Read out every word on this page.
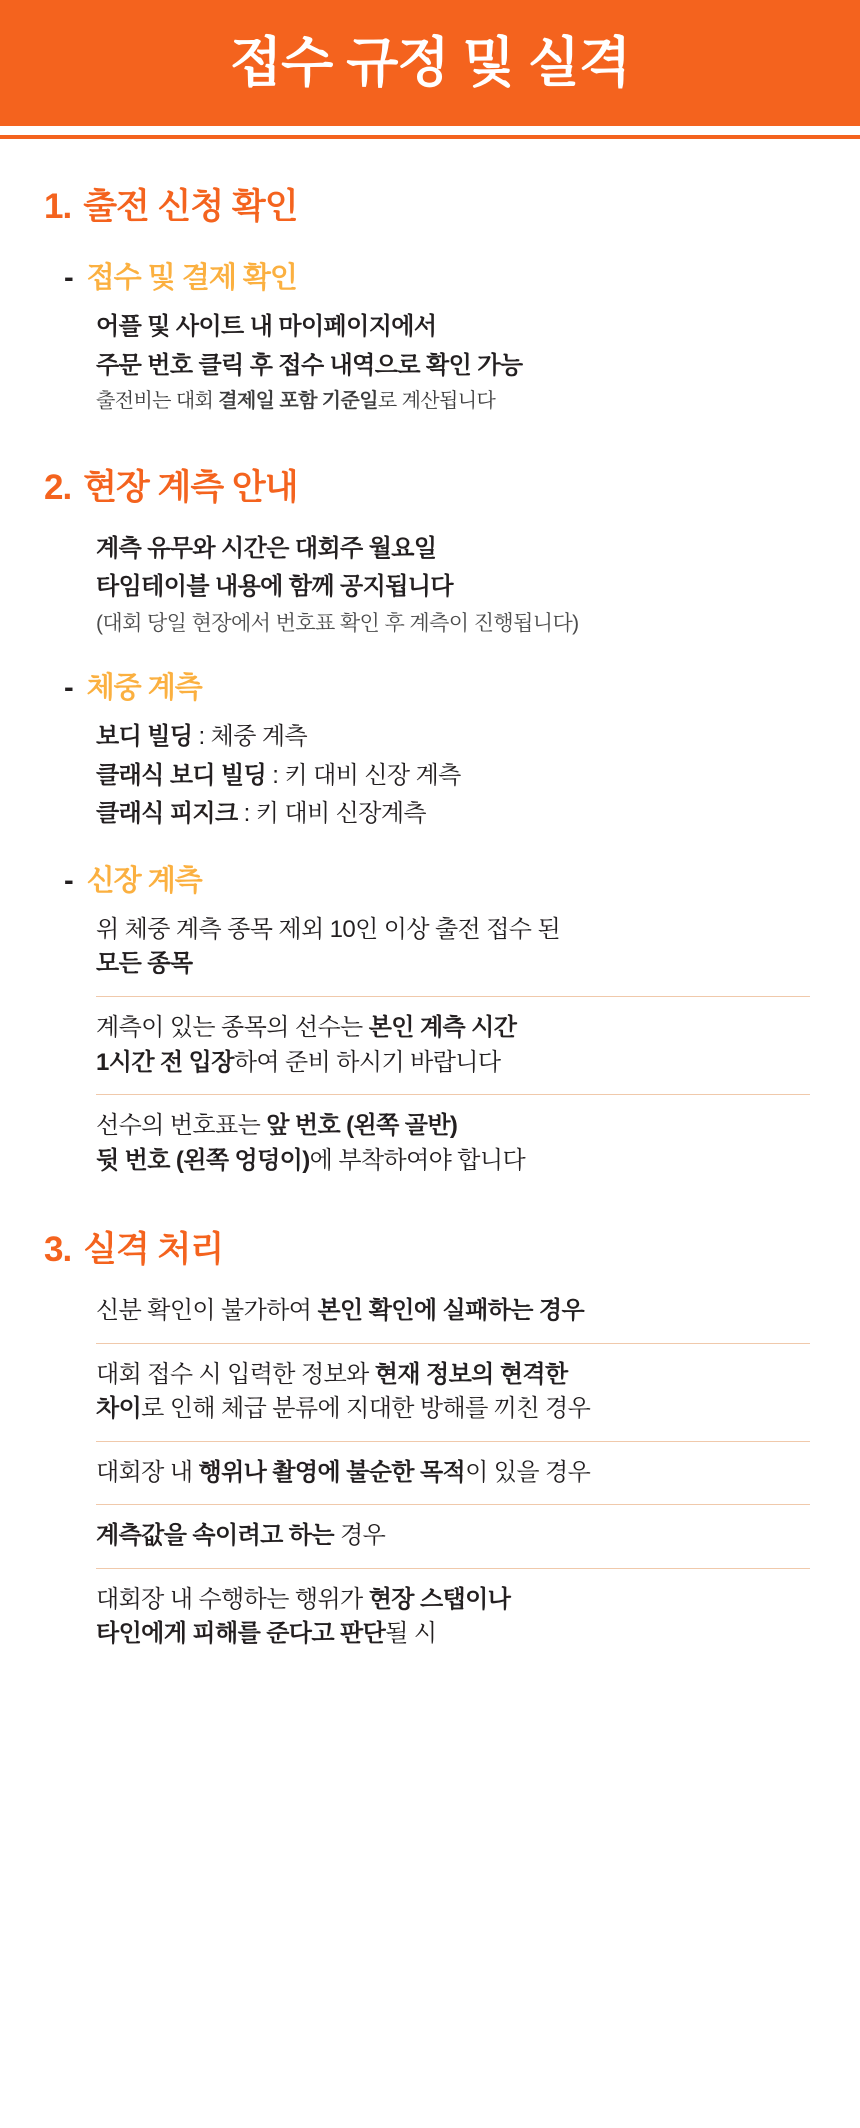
접수 규정 및 실격
1. 출전 신청 확인
- 접수 및 결제 확인
어플 및 사이트 내 마이페이지에서
주문 번호 클릭 후 접수 내역으로 확인 가능
출전비는 대회 결제일 포함 기준일로 계산됩니다
2. 현장 계측 안내
계측 유무와 시간은 대회주 월요일
타임테이블 내용에 함께 공지됩니다
(대회 당일 현장에서 번호표 확인 후 계측이 진행됩니다)
- 체중 계측
보디 빌딩 : 체중 계측
클래식 보디 빌딩 : 키 대비 신장 계측
클래식 피지크 : 키 대비 신장계측
- 신장 계측
위 체중 계측 종목 제외 10인 이상 출전 접수 된
모든 종목
계측이 있는 종목의 선수는 본인 계측 시간
1시간 전 입장하여 준비 하시기 바랍니다
선수의 번호표는 앞 번호 (왼쪽 골반)
뒷 번호 (왼쪽 엉덩이)에 부착하여야 합니다
3. 실격 처리
신분 확인이 불가하여 본인 확인에 실패하는 경우
대회 접수 시 입력한 정보와 현재 정보의 현격한
차이로 인해 체급 분류에 지대한 방해를 끼친 경우
대회장 내 행위나 촬영에 불순한 목적이 있을 경우
계측값을 속이려고 하는 경우
대회장 내 수행하는 행위가 현장 스탭이나
타인에게 피해를 준다고 판단될 시
